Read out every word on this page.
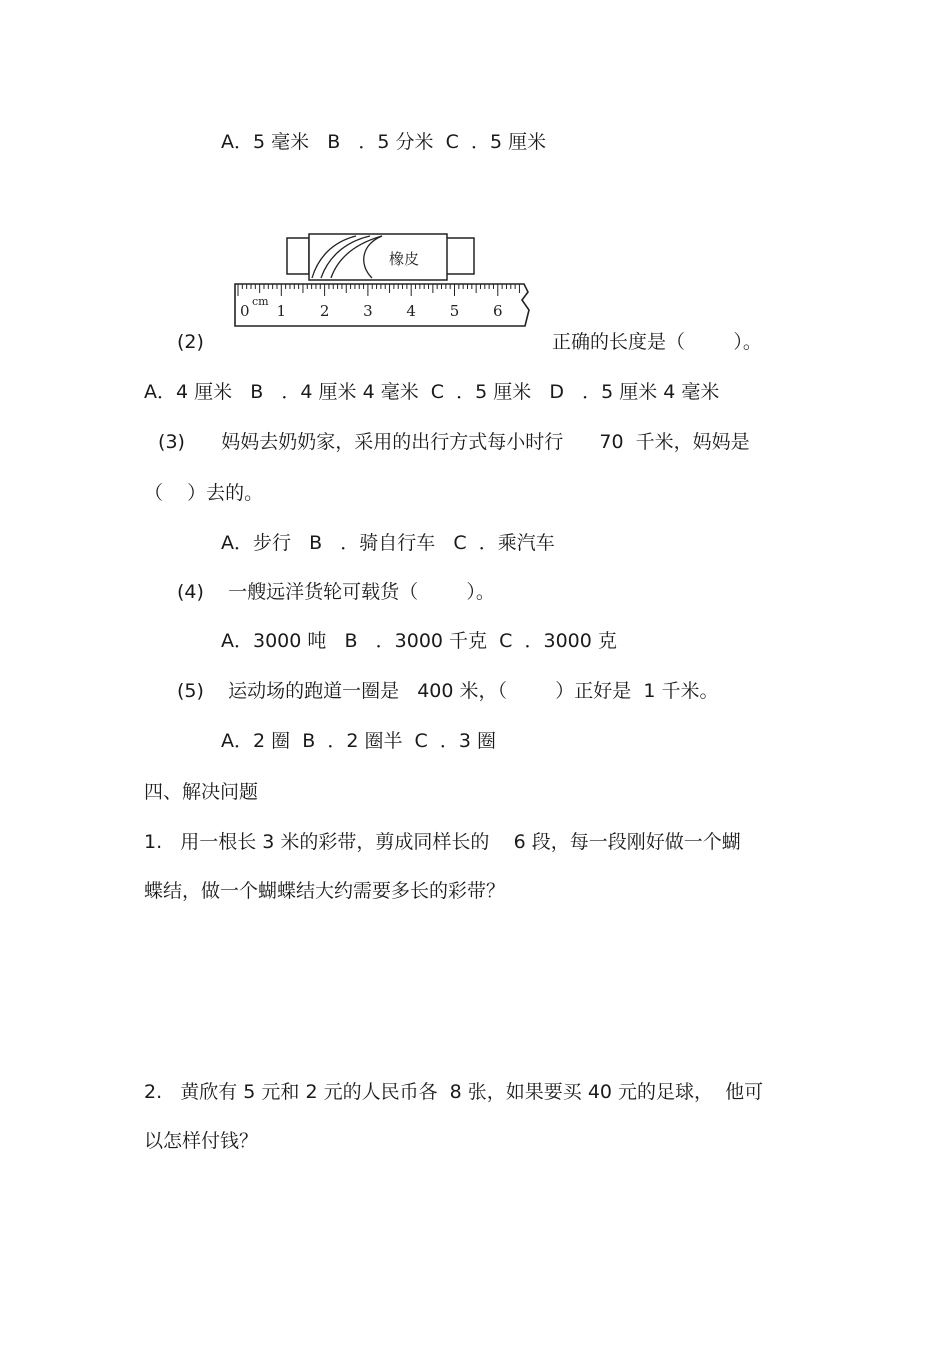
A．5 毫米   B   ．5 分米  C  ．5 厘米
橡皮
cm
0 1 2 3 4 5 6
(2)	正确的长度是（        ）。
A．4 厘米   B   ．4 厘米 4 毫米  C  ．5 厘米   D   ．5 厘米 4 毫米
(3)      妈妈去奶奶家，采用的出行方式每小时行      70  千米，妈妈是
（    ）去的。
A．步行   B   ．骑自行车   C  ．乘汽车
(4)    一艘远洋货轮可载货（        ）。
A．3000 吨   B   ．3000 千克  C  ．3000 克
(5)    运动场的跑道一圈是   400 米，（        ）正好是  1 千米。
A．2 圈  B  ．2 圈半  C  ．3 圈
四、解决问题
1.   用一根长 3 米的彩带，剪成同样长的    6 段，每一段刚好做一个蝴
蝶结，做一个蝴蝶结大约需要多长的彩带？
2.   黄欣有 5 元和 2 元的人民币各  8 张，如果要买 40 元的足球，  他可
以怎样付钱？
